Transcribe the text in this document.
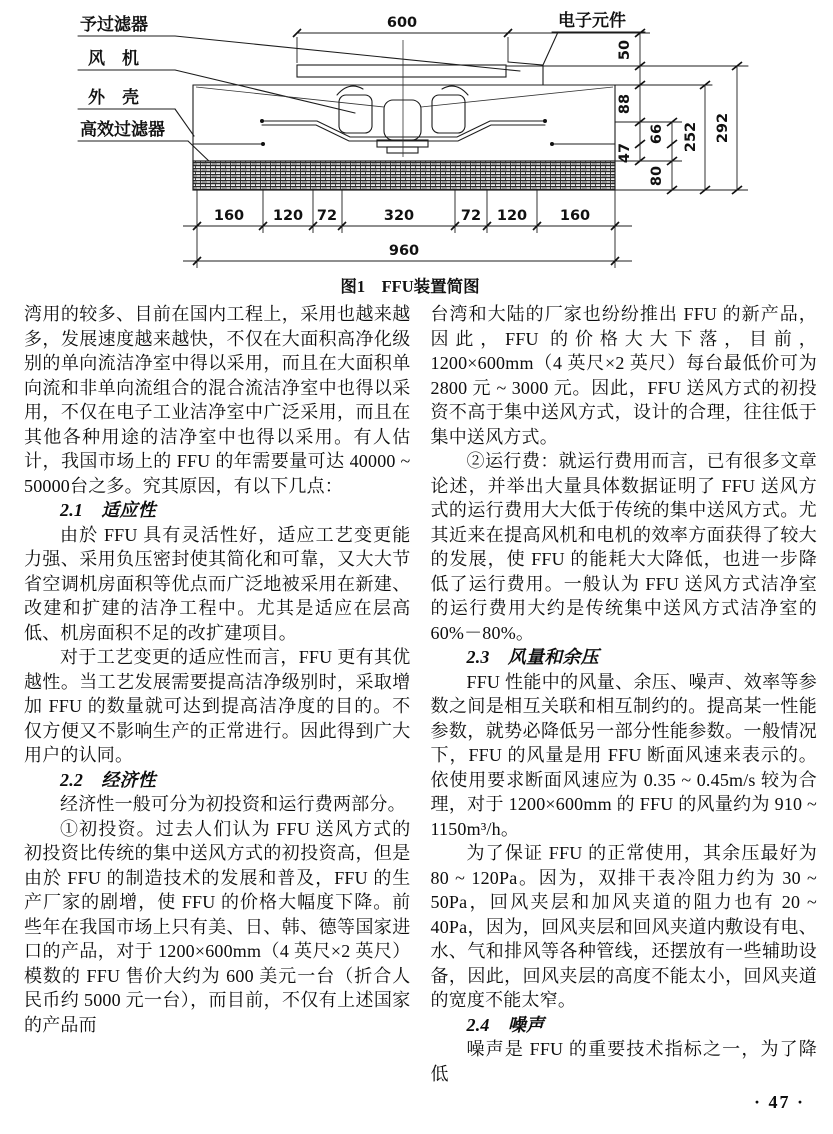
予过滤器
风　机
外　壳
高效过滤器
电子元件
600
50
88
66
47
80
252 292
160 120 72	320	72 120 160
960
图1　FFU装置简图

湾用的较多、目前在国内工程上，采用也越来越多，发展速度越来越快，不仅在大面积高净化级别的单向流洁净室中得以采用，而且在大面积单向流和非单向流组合的混合流洁净室中也得以采用，不仅在电子工业洁净室中广泛采用，而且在其他各种用途的洁净室中也得以采用。有人估计，我国市场上的 FFU 的年需要量可达 40000 ~ 50000台之多。究其原因，有以下几点：

2.1　适应性

由於 FFU 具有灵活性好，适应工艺变更能力强、采用负压密封使其简化和可靠，又大大节省空调机房面积等优点而广泛地被采用在新建、改建和扩建的洁净工程中。尤其是适应在层高低、机房面积不足的改扩建项目。

对于工艺变更的适应性而言，FFU 更有其优越性。当工艺发展需要提高洁净级别时，采取增加 FFU 的数量就可达到提高洁净度的目的。不仅方便又不影响生产的正常进行。因此得到广大用户的认同。

2.2　经济性

经济性一般可分为初投资和运行费两部分。

①初投资。过去人们认为 FFU 送风方式的初投资比传统的集中送风方式的初投资高，但是由於 FFU 的制造技术的发展和普及，FFU 的生产厂家的剧增，使 FFU 的价格大幅度下降。前些年在我国市场上只有美、日、韩、德等国家进口的产品，对于 1200×600mm（4 英尺×2 英尺）模数的 FFU 售价大约为 600 美元一台（折合人民币约 5000 元一台），而目前，不仅有上述国家的产品而

台湾和大陆的厂家也纷纷推出 FFU 的新产品，因此，FFU 的价格大大下落，目前，1200×600mm（4 英尺×2 英尺）每台最低价可为 2800 元 ~ 3000 元。因此，FFU 送风方式的初投资不高于集中送风方式，设计的合理，往往低于集中送风方式。

②运行费：就运行费用而言，已有很多文章论述，并举出大量具体数据证明了 FFU 送风方式的运行费用大大低于传统的集中送风方式。尤其近来在提高风机和电机的效率方面获得了较大的发展，使 FFU 的能耗大大降低，也进一步降低了运行费用。一般认为 FFU 送风方式洁净室的运行费用大约是传统集中送风方式洁净室的 60%－80%。

2.3　风量和余压

FFU 性能中的风量、余压、噪声、效率等参数之间是相互关联和相互制约的。提高某一性能参数，就势必降低另一部分性能参数。一般情况下，FFU 的风量是用 FFU 断面风速来表示的。依使用要求断面风速应为 0.35 ~ 0.45m/s 较为合理，对于 1200×600mm 的 FFU 的风量约为 910 ~ 1150m³/h。

为了保证 FFU 的正常使用，其余压最好为 80 ~ 120Pa。因为，双排干表冷阻力约为 30 ~ 50Pa，回风夹层和加风夹道的阻力也有 20 ~ 40Pa，因为，回风夹层和回风夹道内敷设有电、水、气和排风等各种管线，还摆放有一些辅助设备，因此，回风夹层的高度不能太小，回风夹道的宽度不能太窄。

2.4　噪声

噪声是 FFU 的重要技术指标之一，为了降低

· 47 ·
